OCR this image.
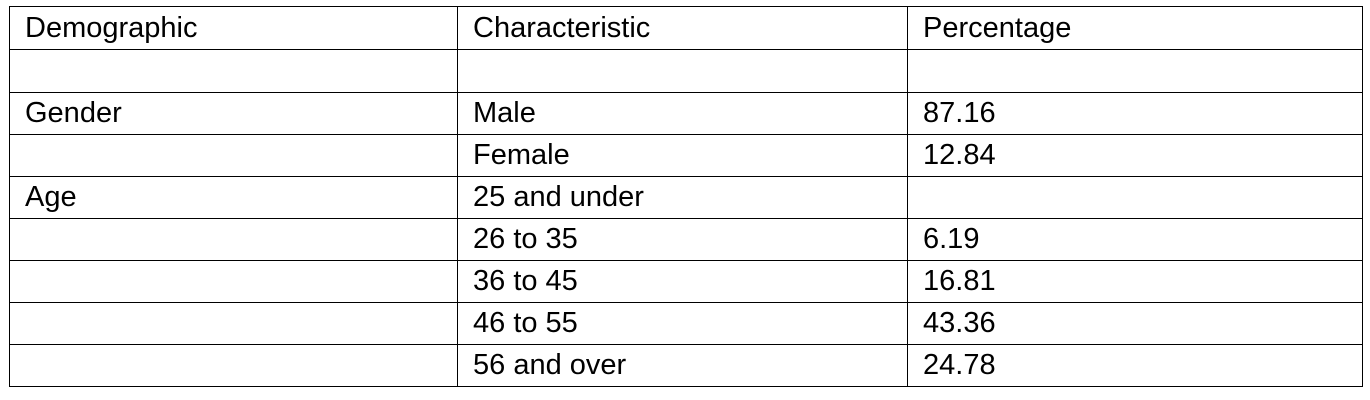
Demographic	Characteristic	Percentage

Gender	Male	87.16
	Female	12.84
Age	25 and under	
	26 to 35	6.19
	36 to 45	16.81
	46 to 55	43.36
	56 and over	24.78
